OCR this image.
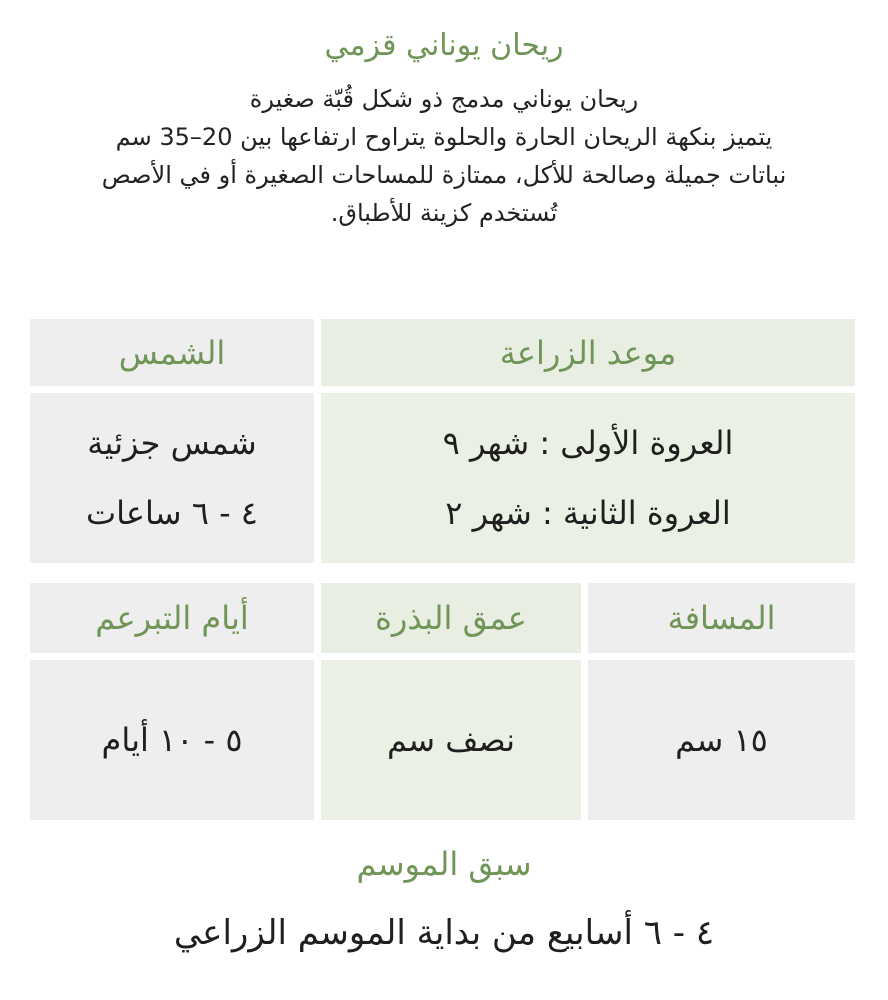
ريحان يوناني قزمي
ريحان يوناني مدمج ذو شكل قُبّة صغيرة
يتميز بنكهة الريحان الحارة والحلوة يتراوح ارتفاعها بين 20–35 سم
نباتات جميلة وصالحة للأكل، ممتازة للمساحات الصغيرة أو في الأصص
تُستخدم كزينة للأطباق.
موعد الزراعة
الشمس
العروة الأولى : شهر ٩
العروة الثانية : شهر ٢
شمس جزئية
٤ - ٦ ساعات
المسافة
عمق البذرة
أيام التبرعم
١٥ سم
نصف سم
٥ - ١٠ أيام
سبق الموسم
٤ - ٦ أسابيع من بداية الموسم الزراعي
